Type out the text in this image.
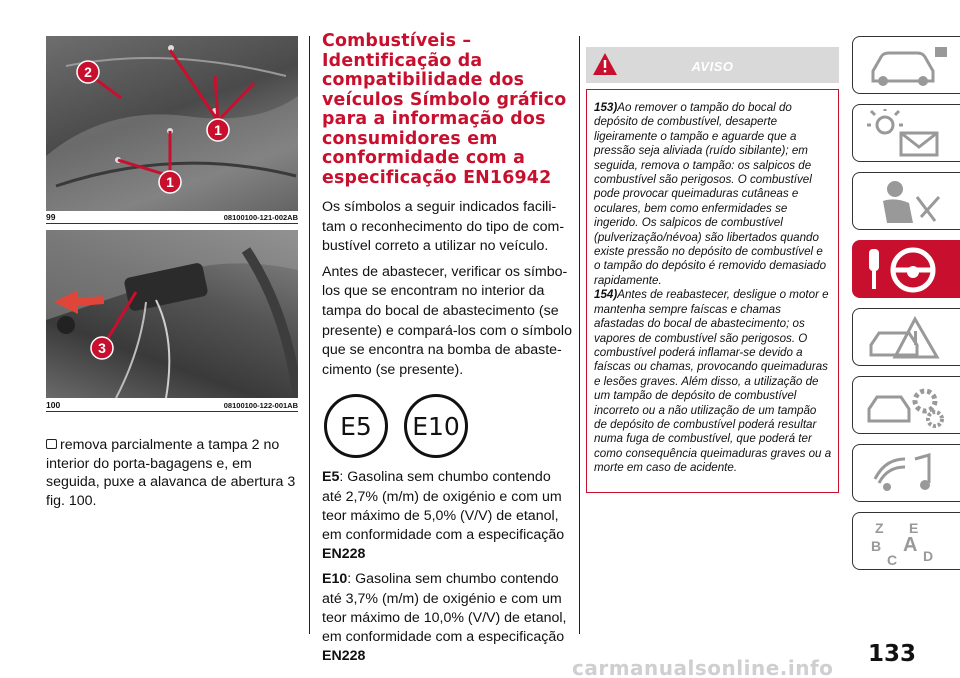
2
1
1
99	08100100-121-002AB
3
100	08100100-122-001AB
remova parcialmente a tampa 2 no interior do porta-bagagens e, em seguida, puxe a alavanca de abertura 3 fig. 100.
Combustíveis – Identificação da compatibilidade dos veículos Símbolo gráfico para a informação dos consumidores em conformidade com a especificação EN16942

Os símbolos a seguir indicados facili-tam o reconhecimento do tipo de com-bustível correto a utilizar no veículo.

Antes de abastecer, verificar os símbo-los que se encontram no interior da tampa do bocal de abastecimento (se presente) e compará-los com o símbolo que se encontra na bomba de abaste-cimento (se presente).

E5	E10

E5: Gasolina sem chumbo contendo até 2,7% (m/m) de oxigénio e com um teor máximo de 5,0% (V/V) de etanol, em conformidade com a especificação EN228

E10: Gasolina sem chumbo contendo até 3,7% (m/m) de oxigénio e com um teor máximo de 10,0% (V/V) de etanol, em conformidade com a especificação EN228

AVISO

153)Ao remover o tampão do bocal do depósito de combustível, desaperte ligeiramente o tampão e aguarde que a pressão seja aliviada (ruído sibilante); em seguida, remova o tampão: os salpicos de combustível são perigosos. O combustível pode provocar queimaduras cutâneas e oculares, bem como enfermidades se ingerido. Os salpicos de combustível (pulverização/névoa) são libertados quando existe pressão no depósito de combustível e o tampão do depósito é removido demasiado rapidamente.

154)Antes de reabastecer, desligue o motor e mantenha sempre faíscas e chamas afastadas do bocal de abastecimento; os vapores de combustível são perigosos. O combustível poderá inflamar-se devido a faíscas ou chamas, provocando queimaduras e lesões graves. Além disso, a utilização de um tampão de depósito de combustível incorreto ou a não utilização de um tampão de depósito de combustível poderá resultar numa fuga de combustível, que poderá ter como consequência queimaduras graves ou a morte em caso de acidente.

Z E
B A
C D
133
carmanualsonline.info
